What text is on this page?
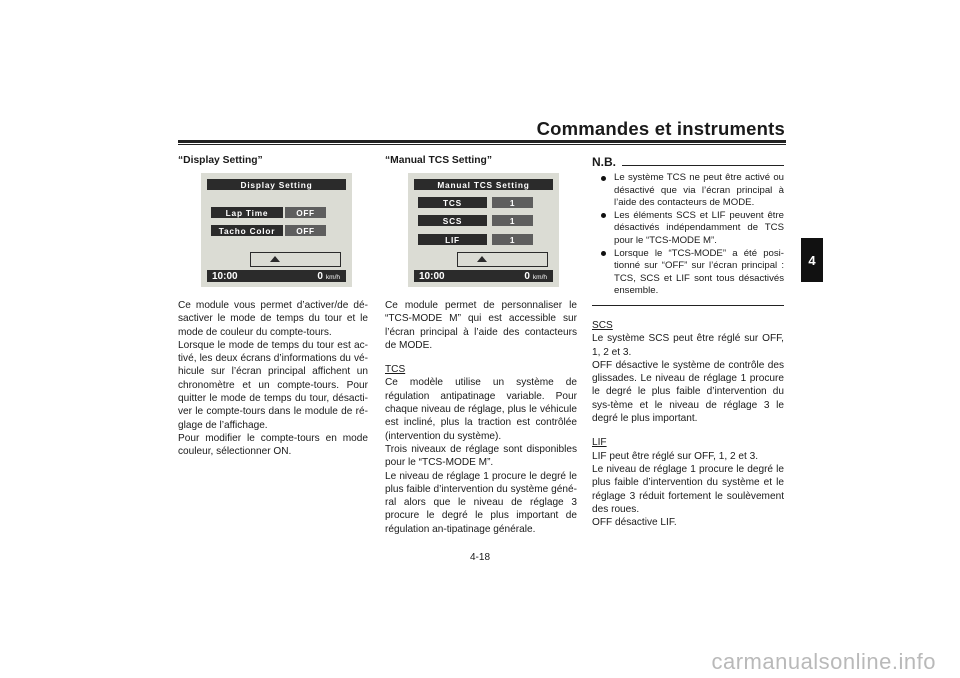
Commandes et instruments
4
“Display Setting”
Display Setting
Lap Time	OFF
Tacho Color	OFF
10:00	0 km/h

Ce module vous permet d’activer/de dé-sactiver le mode de temps du tour et le mode de couleur du compte-tours.

Lorsque le mode de temps du tour est ac-tivé, les deux écrans d’informations du vé-hicule sur l’écran principal affichent un chronomètre et un compte-tours. Pour quitter le mode de temps du tour, désacti-ver le compte-tours dans le module de ré-glage de l’affichage.

Pour modifier le compte-tours en mode couleur, sélectionner ON.

“Manual TCS Setting”
Manual TCS Setting
TCS	1
SCS	1
LIF	1
10:00	0 km/h

Ce module permet de personnaliser le “TCS-MODE M” qui est accessible sur l’écran principal à l’aide des contacteurs de MODE.

TCS

Ce modèle utilise un système de régulation antipatinage variable. Pour chaque niveau de réglage, plus le véhicule est incliné, plus la traction est contrôlée (intervention du système).

Trois niveaux de réglage sont disponibles pour le “TCS-MODE M”.

Le niveau de réglage 1 procure le degré le plus faible d’intervention du système géné-ral alors que le niveau de réglage 3 procure le degré le plus important de régulation an-tipatinage générale.

N.B.
Le système TCS ne peut être activé ou désactivé que via l’écran principal à l’aide des contacteurs de MODE.
Les éléments SCS et LIF peuvent être désactivés indépendamment de TCS pour le “TCS-MODE M”.
Lorsque le “TCS-MODE” a été posi-tionné sur “OFF” sur l’écran principal : TCS, SCS et LIF sont tous désactivés ensemble.

SCS

Le système SCS peut être réglé sur OFF, 1, 2 et 3.

OFF désactive le système de contrôle des glissades. Le niveau de réglage 1 procure le degré le plus faible d’intervention du sys-tème et le niveau de réglage 3 le degré le plus important.

LIF

LIF peut être réglé sur OFF, 1, 2 et 3.

Le niveau de réglage 1 procure le degré le plus faible d’intervention du système et le réglage 3 réduit fortement le soulèvement des roues.

OFF désactive LIF.

4-18
carmanualsonline.info
